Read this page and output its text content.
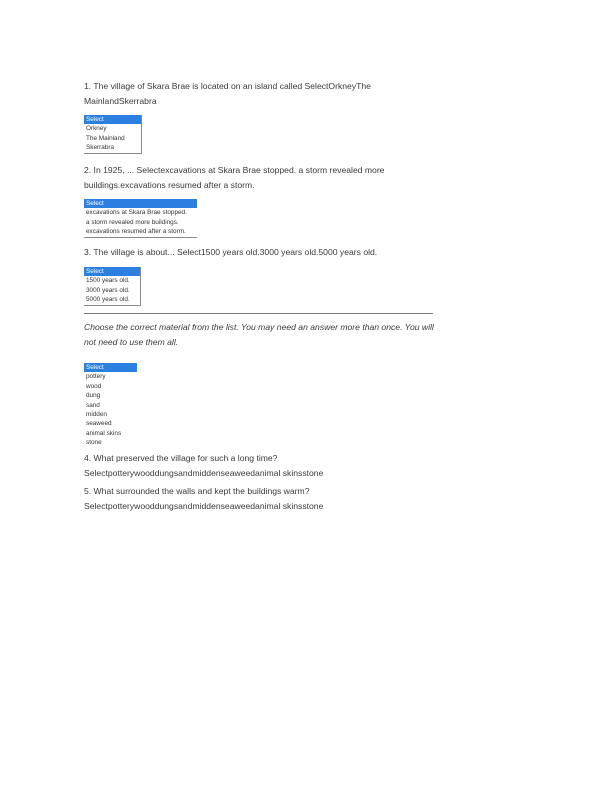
1. The village of Skara Brae is located on an island called SelectOrkneyThe MainlandSkerrabra
Select
Orkney
The Mainland
Skerrabra
2. In 1925, ... Selectexcavations at Skara Brae stopped. a storm revealed more buildings.excavations resumed after a storm.
Select
excavations at Skara Brae stopped.
a storm revealed more buildings.
excavations resumed after a storm.
3. The village is about... Select1500 years old.3000 years old.5000 years old.
Select
1500 years old.
3000 years old.
5000 years old.
Choose the correct material from the list. You may need an answer more than once. You will not need to use them all.
Select
pottery
wood
dung
sand
midden
seaweed
animal skins
stone
4. What preserved the village for such a long time?
Selectpotterywooddungsandmiddenseaweedanimal skinsstone
5. What surrounded the walls and kept the buildings warm?
Selectpotterywooddungsandmiddenseaweedanimal skinsstone
